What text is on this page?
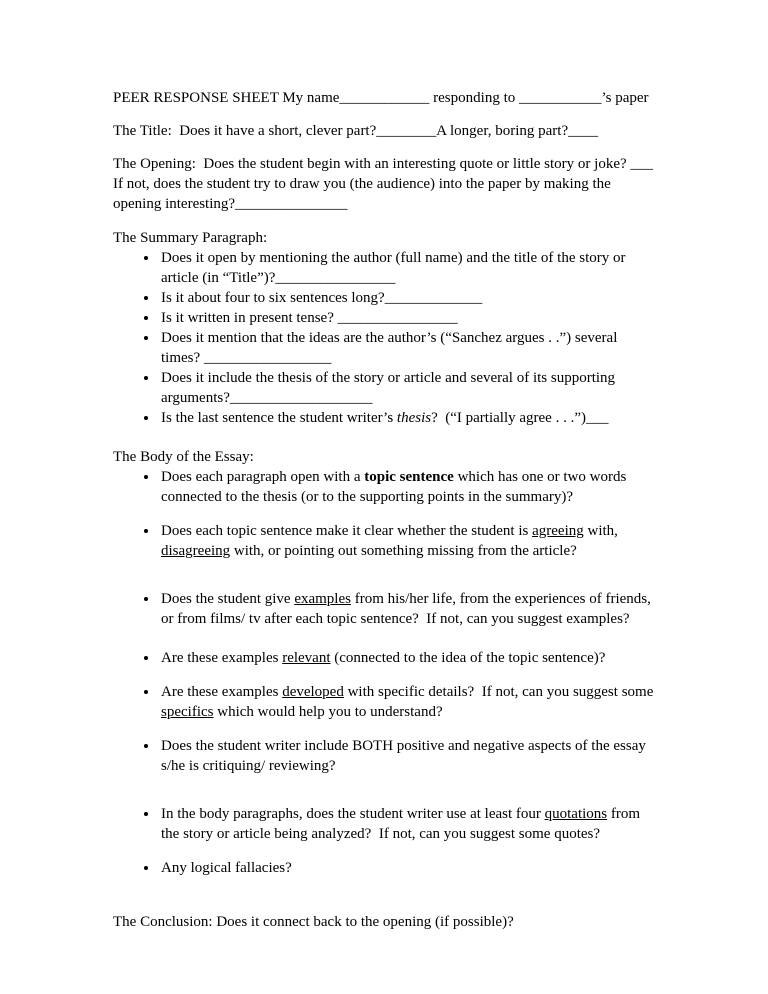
PEER RESPONSE SHEET My name____________ responding to ___________’s paper

The Title:  Does it have a short, clever part?________A longer, boring part?____

The Opening:  Does the student begin with an interesting quote or little story or joke? ___ If not, does the student try to draw you (the audience) into the paper by making the opening interesting?_______________

The Summary Paragraph:
• Does it open by mentioning the author (full name) and the title of the story or article (in “Title”)?________________
• Is it about four to six sentences long?_____________
• Is it written in present tense? ________________
• Does it mention that the ideas are the author’s (“Sanchez argues . .”) several times? _________________
• Does it include the thesis of the story or article and several of its supporting arguments?___________________
• Is the last sentence the student writer’s thesis?  (“I partially agree . . .”)___
The Body of the Essay:
• Does each paragraph open with a topic sentence which has one or two words connected to the thesis (or to the supporting points in the summary)?
• Does each topic sentence make it clear whether the student is agreeing with, disagreeing with, or pointing out something missing from the article?
• Does the student give examples from his/her life, from the experiences of friends, or from films/ tv after each topic sentence?  If not, can you suggest examples?
• Are these examples relevant (connected to the idea of the topic sentence)?
• Are these examples developed with specific details?  If not, can you suggest some specifics which would help you to understand?
• Does the student writer include BOTH positive and negative aspects of the essay s/he is critiquing/ reviewing?
• In the body paragraphs, does the student writer use at least four quotations from the story or article being analyzed?  If not, can you suggest some quotes?
• Any logical fallacies?

The Conclusion: Does it connect back to the opening (if possible)?
